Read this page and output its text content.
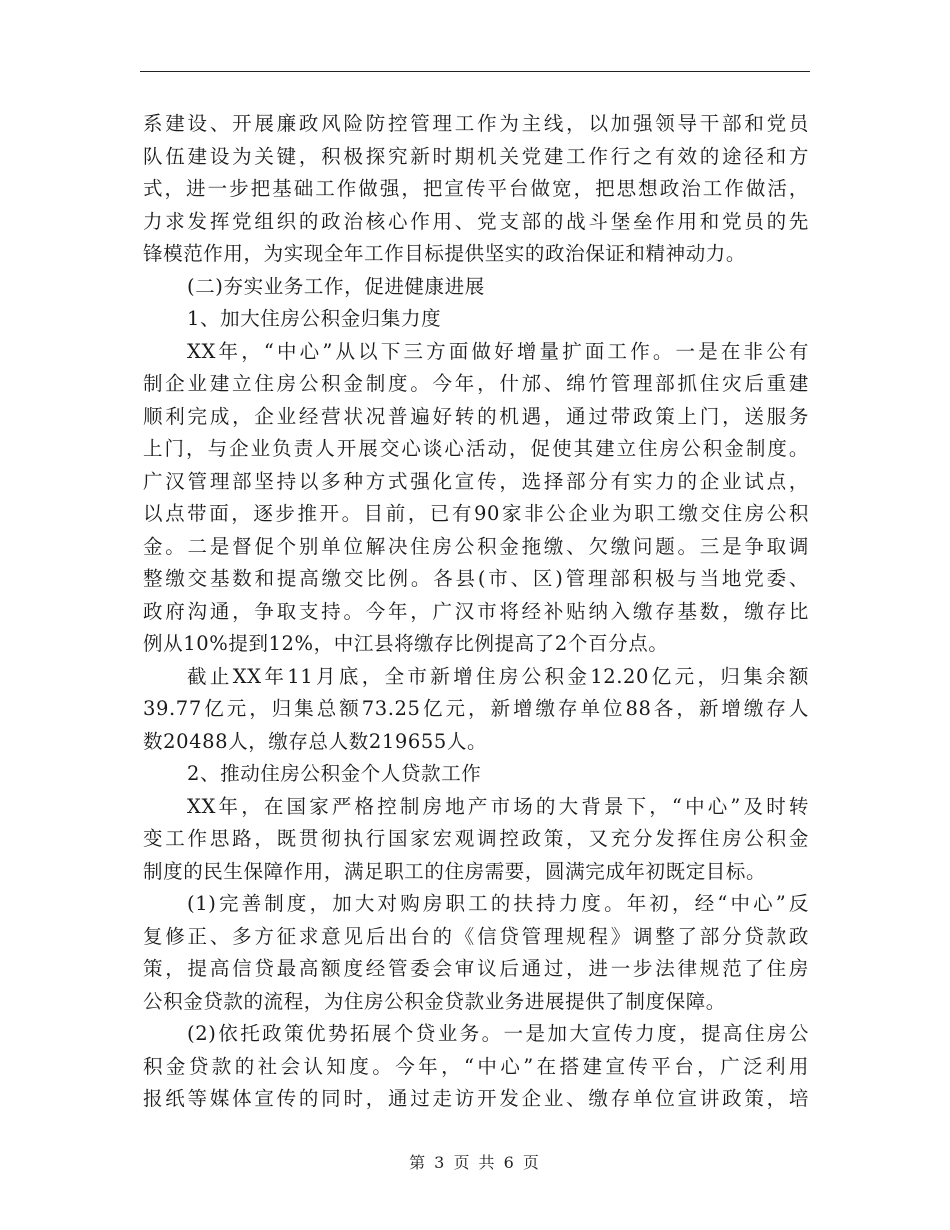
系建设、开展廉政风险防控管理工作为主线，以加强领导干部和党员
队伍建设为关键，积极探究新时期机关党建工作行之有效的途径和方
式，进一步把基础工作做强，把宣传平台做宽，把思想政治工作做活，
力求发挥党组织的政治核心作用、党支部的战斗堡垒作用和党员的先
锋模范作用，为实现全年工作目标提供坚实的政治保证和精神动力。
(二)夯实业务工作，促进健康进展
1、加大住房公积金归集力度
XX年，“中心”从以下三方面做好增量扩面工作。一是在非公有
制企业建立住房公积金制度。今年，什邡、绵竹管理部抓住灾后重建
顺利完成，企业经营状况普遍好转的机遇，通过带政策上门，送服务
上门，与企业负责人开展交心谈心活动，促使其建立住房公积金制度。
广汉管理部坚持以多种方式强化宣传，选择部分有实力的企业试点，
以点带面，逐步推开。目前，已有90家非公企业为职工缴交住房公积
金。二是督促个别单位解决住房公积金拖缴、欠缴问题。三是争取调
整缴交基数和提高缴交比例。各县(市、区)管理部积极与当地党委、
政府沟通，争取支持。今年，广汉市将经补贴纳入缴存基数，缴存比
例从10%提到12%，中江县将缴存比例提高了2个百分点。
截止XX年11月底，全市新增住房公积金12.20亿元，归集余额
39.77亿元，归集总额73.25亿元，新增缴存单位88各，新增缴存人
数20488人，缴存总人数219655人。
2、推动住房公积金个人贷款工作
XX年，在国家严格控制房地产市场的大背景下，“中心”及时转
变工作思路，既贯彻执行国家宏观调控政策，又充分发挥住房公积金
制度的民生保障作用，满足职工的住房需要，圆满完成年初既定目标。
(1)完善制度，加大对购房职工的扶持力度。年初，经“中心”反
复修正、多方征求意见后出台的《信贷管理规程》调整了部分贷款政
策，提高信贷最高额度经管委会审议后通过，进一步法律规范了住房
公积金贷款的流程，为住房公积金贷款业务进展提供了制度保障。
(2)依托政策优势拓展个贷业务。一是加大宣传力度，提高住房公
积金贷款的社会认知度。今年，“中心”在搭建宣传平台，广泛利用
报纸等媒体宣传的同时，通过走访开发企业、缴存单位宣讲政策，培
第 3 页 共 6 页
